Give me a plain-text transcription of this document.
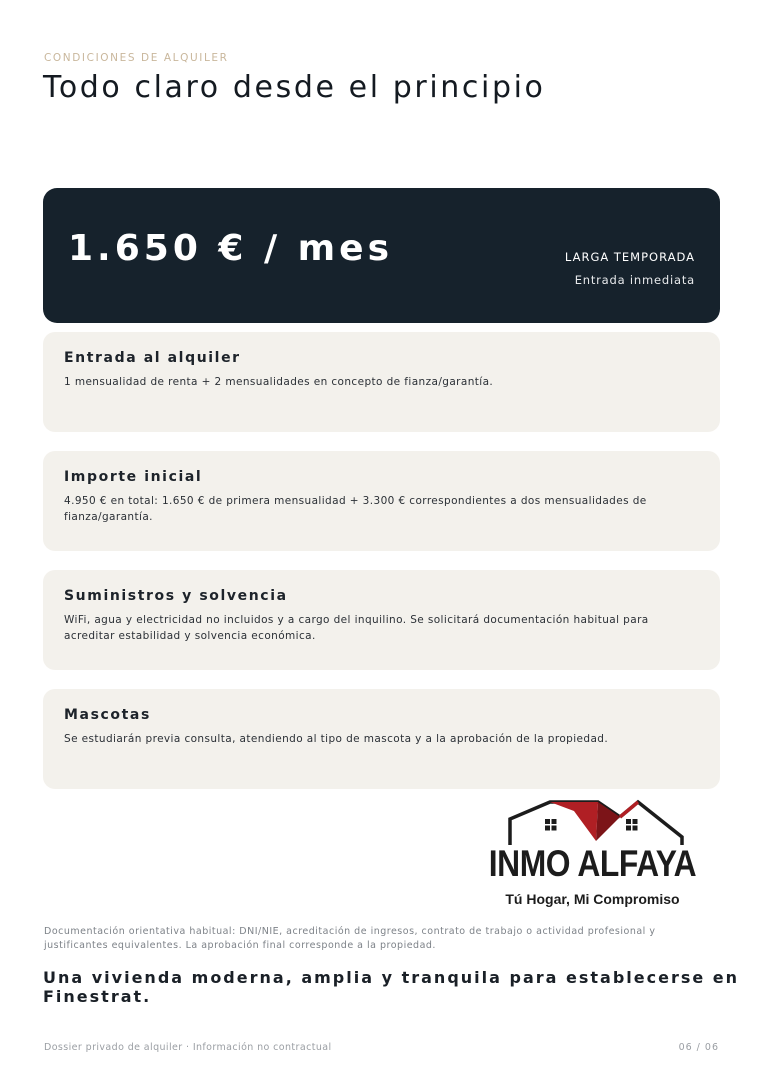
CONDICIONES DE ALQUILER
Todo claro desde el principio
1.650 € / mes	LARGA TEMPORADA
Entrada inmediata
Entrada al alquiler

1 mensualidad de renta + 2 mensualidades en concepto de fianza/garantía.

Importe inicial

4.950 € en total: 1.650 € de primera mensualidad + 3.300 € correspondientes a dos mensualidades de fianza/garantía.

Suministros y solvencia

WiFi, agua y electricidad no incluidos y a cargo del inquilino. Se solicitará documentación habitual para acreditar estabilidad y solvencia económica.

Mascotas

Se estudiarán previa consulta, atendiendo al tipo de mascota y a la aprobación de la propiedad.

INMO ALFAYA
Tú Hogar, Mi Compromiso

Documentación orientativa habitual: DNI/NIE, acreditación de ingresos, contrato de trabajo o actividad profesional y justificantes equivalentes. La aprobación final corresponde a la propiedad.

Una vivienda moderna, amplia y tranquila para establecerse en Finestrat.

Dossier privado de alquiler · Información no contractual	06 / 06
